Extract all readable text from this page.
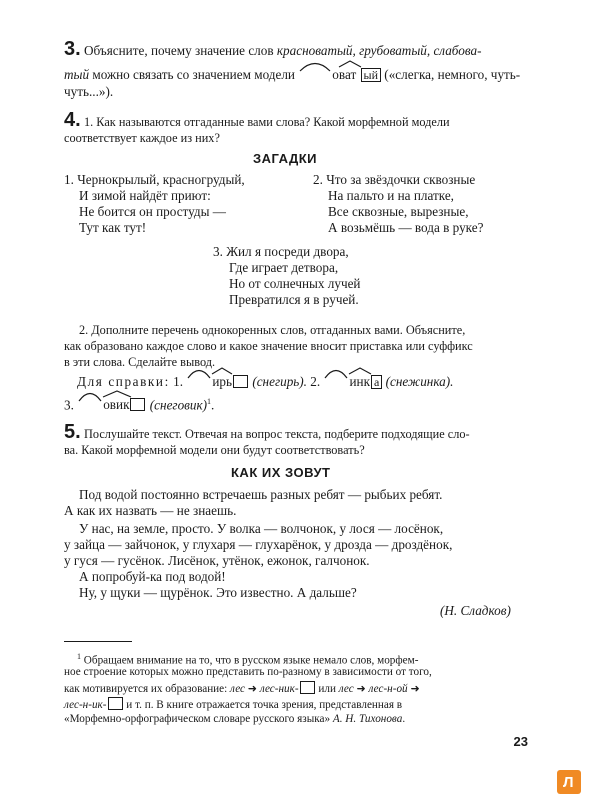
3. Объясните, почему значение слов красноватый, грубоватый, слабова-
тый можно связать со значением модели	о
ват ый («слегка, немного, чуть-
чуть...»).
4. 1. Как называются отгаданные вами слова? Какой морфемной модели
соответствует каждое из них?
ЗАГАДКИ
1. Чернокрылый, красногрудый,
И зимой найдёт приют:
Не боится он простуды —
Тут как тут!
2. Что за звёздочки сквозные
На пальто и на платке,
Все сквозные, вырезные,
А возьмёшь — вода в руке?
3. Жил я посреди двора,
Где играет детвора,
Но от солнечных лучей
Превратился я в ручей.
2. Дополните перечень однокоренных слов, отгаданных вами. Объясните,
как образовано каждое слово и какое значение вносит приставка или суффикс
в эти слова. Сделайте вывод.
Для справки: 1. ирь (снегирь). 2. инк а (снежинка).
3. овик (снеговик)$^1$.
5. Послушайте текст. Отвечая на вопрос текста, подберите подходящие сло-
ва. Какой морфемной модели они будут соответствовать?
КАК ИХ ЗОВУТ
Под водой постоянно встречаешь разных ребят — рыбьих ребят.
А как их назвать — не знаешь.
У нас, на земле, просто. У волка — волчонок, у лося — лосёнок,
у зайца — зайчонок, у глухаря — глухарёнок, у дрозда — дроздёнок,
у гуся — гусёнок. Лисёнок, утёнок, ежонок, галчонок.
А попробуй-ка под водой!
Ну, у щуки — щурёнок. Это известно. А дальше?
(Н. Сладков)
$^1$ Обращаем внимание на то, что в русском языке немало слов, морфем-
ное строение которых можно представить по-разному в зависимости от того,
как мотивируется их образование: лес ➜ лес-ник- или лес ➜ лес-н-ой ➜
лес-н-ик- и т. п. В книге отражается точка зрения, представленная в
«Морфемно-орфографическом словаре русского языка» А. Н. Тихонова.
23
Л
